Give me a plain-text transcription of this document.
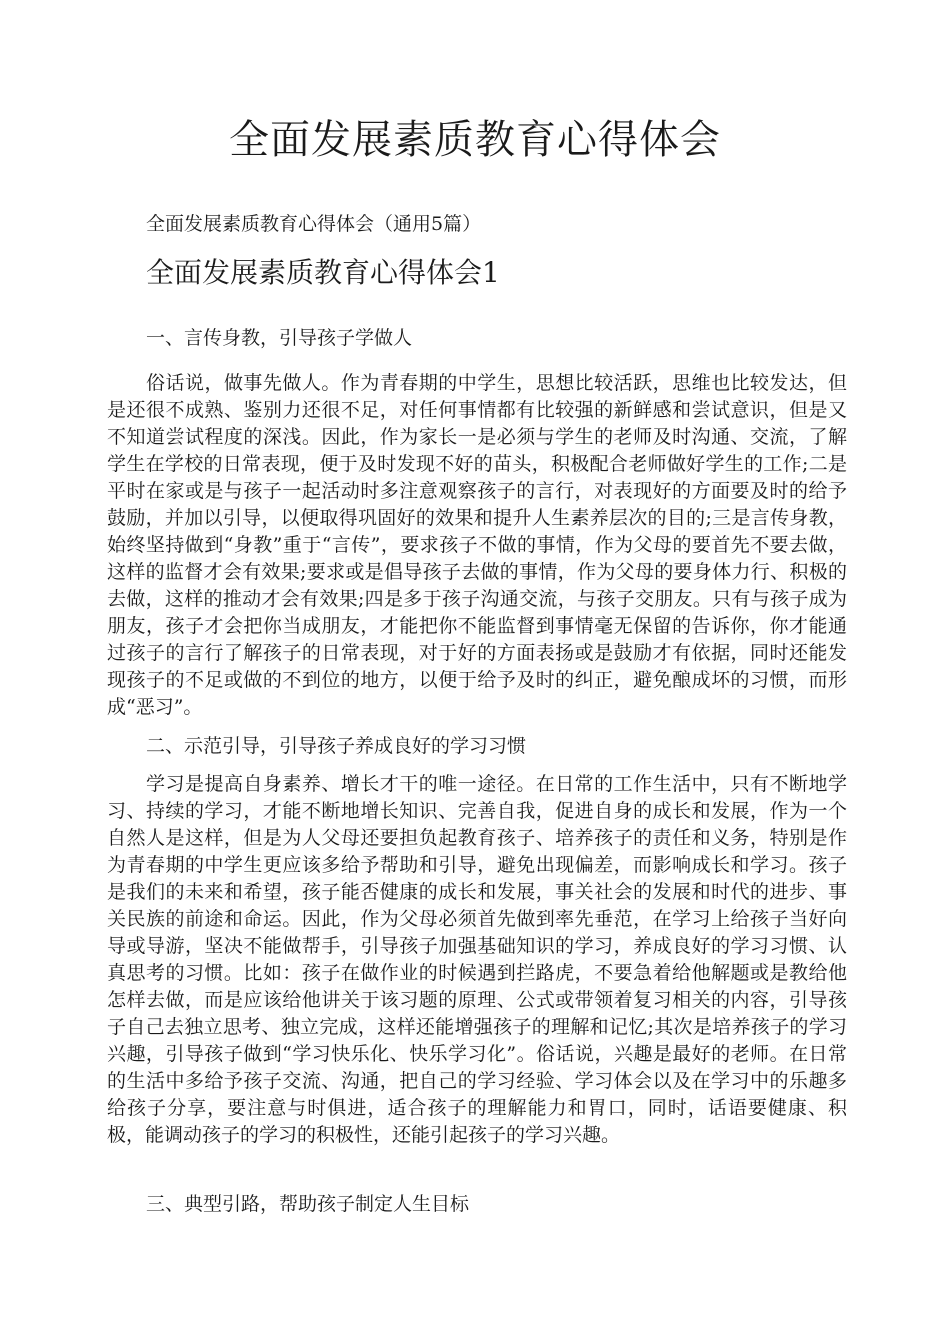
全面发展素质教育心得体会

全面发展素质教育心得体会（通用5篇）

全面发展素质教育心得体会1
一、言传身教，引导孩子学做人

俗话说，做事先做人。作为青春期的中学生，思想比较活跃，思维也比较发达，但是还很不成熟、鉴别力还很不足，对任何事情都有比较强的新鲜感和尝试意识，但是又不知道尝试程度的深浅。因此，作为家长一是必须与学生的老师及时沟通、交流，了解学生在学校的日常表现，便于及时发现不好的苗头，积极配合老师做好学生的工作;二是平时在家或是与孩子一起活动时多注意观察孩子的言行，对表现好的方面要及时的给予鼓励，并加以引导，以便取得巩固好的效果和提升人生素养层次的目的;三是言传身教，始终坚持做到“身教”重于“言传”，要求孩子不做的事情，作为父母的要首先不要去做，这样的监督才会有效果;要求或是倡导孩子去做的事情，作为父母的要身体力行、积极的去做，这样的推动才会有效果;四是多于孩子沟通交流，与孩子交朋友。只有与孩子成为朋友，孩子才会把你当成朋友，才能把你不能监督到事情毫无保留的告诉你，你才能通过孩子的言行了解孩子的日常表现，对于好的方面表扬或是鼓励才有依据，同时还能发现孩子的不足或做的不到位的地方，以便于给予及时的纠正，避免酿成坏的习惯，而形成“恶习”。

二、示范引导，引导孩子养成良好的学习习惯

学习是提高自身素养、增长才干的唯一途径。在日常的工作生活中，只有不断地学习、持续的学习，才能不断地增长知识、完善自我，促进自身的成长和发展，作为一个自然人是这样，但是为人父母还要担负起教育孩子、培养孩子的责任和义务，特别是作为青春期的中学生更应该多给予帮助和引导，避免出现偏差，而影响成长和学习。孩子是我们的未来和希望，孩子能否健康的成长和发展，事关社会的发展和时代的进步、事关民族的前途和命运。因此，作为父母必须首先做到率先垂范，在学习上给孩子当好向导或导游，坚决不能做帮手，引导孩子加强基础知识的学习，养成良好的学习习惯、认真思考的习惯。比如：孩子在做作业的时候遇到拦路虎，不要急着给他解题或是教给他怎样去做，而是应该给他讲关于该习题的原理、公式或带领着复习相关的内容，引导孩子自己去独立思考、独立完成，这样还能增强孩子的理解和记忆;其次是培养孩子的学习兴趣，引导孩子做到“学习快乐化、快乐学习化”。俗话说，兴趣是最好的老师。在日常的生活中多给予孩子交流、沟通，把自己的学习经验、学习体会以及在学习中的乐趣多给孩子分享，要注意与时俱进，适合孩子的理解能力和胃口，同时，话语要健康、积极，能调动孩子的学习的积极性，还能引起孩子的学习兴趣。

三、典型引路，帮助孩子制定人生目标
